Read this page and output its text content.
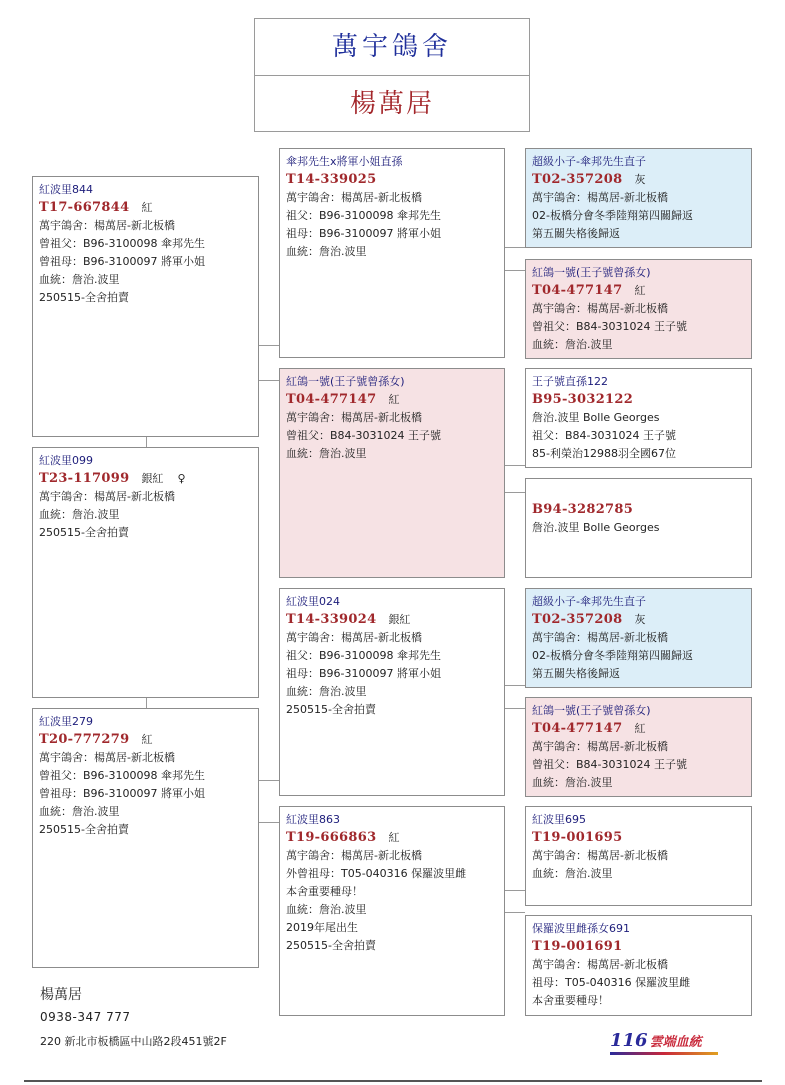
萬宇鴿舍
楊萬居
紅波里844
T17-667844 紅
萬宇鴿舍：楊萬居-新北板橋
曾祖父：B96-3100098 傘邦先生
曾祖母：B96-3100097 將軍小姐
血統：詹治.波里
250515-全舍拍賣
紅波里099
T23-117099 銀紅 ♀
萬宇鴿舍：楊萬居-新北板橋
血統：詹治.波里
250515-全舍拍賣
紅波里279
T20-777279 紅
萬宇鴿舍：楊萬居-新北板橋
曾祖父：B96-3100098 傘邦先生
曾祖母：B96-3100097 將軍小姐
血統：詹治.波里
250515-全舍拍賣
傘邦先生x將軍小姐直孫
T14-339025
萬宇鴿舍：楊萬居-新北板橋
祖父：B96-3100098 傘邦先生
祖母：B96-3100097 將軍小姐
血統：詹治.波里
紅鴿一號(王子號曾孫女)
T04-477147 紅
萬宇鴿舍：楊萬居-新北板橋
曾祖父：B84-3031024 王子號
血統：詹治.波里
紅波里024
T14-339024 銀紅
萬宇鴿舍：楊萬居-新北板橋
祖父：B96-3100098 傘邦先生
祖母：B96-3100097 將軍小姐
血統：詹治.波里
250515-全舍拍賣
紅波里863
T19-666863 紅
萬宇鴿舍：楊萬居-新北板橋
外曾祖母：T05-040316 保羅波里雌
本舍重要種母！
血統：詹治.波里
2019年尾出生
250515-全舍拍賣
超級小子-傘邦先生直子
T02-357208 灰
萬宇鴿舍：楊萬居-新北板橋
02-板橋分會冬季陸翔第四關歸返
第五關失格後歸返
紅鴿一號(王子號曾孫女)
T04-477147 紅
萬宇鴿舍：楊萬居-新北板橋
曾祖父：B84-3031024 王子號
血統：詹治.波里
王子號直孫122
B95-3032122
詹治.波里 Bolle Georges
祖父：B84-3031024 王子號
85-利榮治12988羽全國67位
B94-3282785
詹治.波里 Bolle Georges
超級小子-傘邦先生直子
T02-357208 灰
萬宇鴿舍：楊萬居-新北板橋
02-板橋分會冬季陸翔第四關歸返
第五關失格後歸返
紅鴿一號(王子號曾孫女)
T04-477147 紅
萬宇鴿舍：楊萬居-新北板橋
曾祖父：B84-3031024 王子號
血統：詹治.波里
紅波里695
T19-001695
萬宇鴿舍：楊萬居-新北板橋
血統：詹治.波里
保羅波里雌孫女691
T19-001691
萬宇鴿舍：楊萬居-新北板橋
祖母：T05-040316 保羅波里雌
本舍重要種母！
楊萬居
0938-347 777
220 新北市板橋區中山路2段451號2F	116 雲端血統
